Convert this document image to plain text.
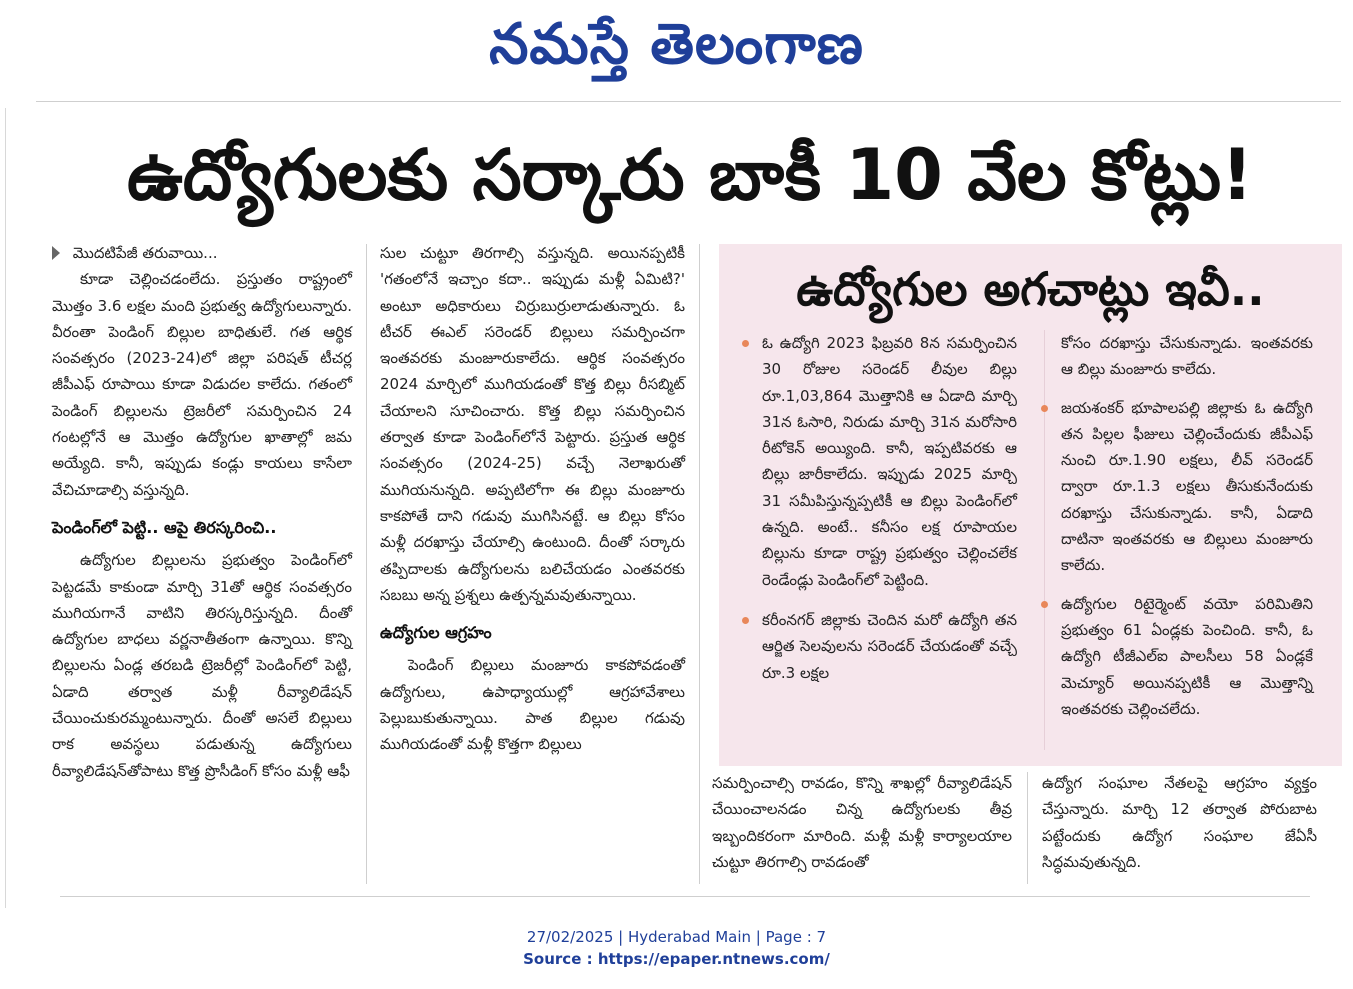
నమస్తే తెలంగాణ
ఉద్యోగులకు సర్కారు బాకీ 10 వేల కోట్లు!
మొదటిపేజీ తరువాయి...

కూడా చెల్లించడంలేదు. ప్రస్తుతం రాష్ట్రంలో మొత్తం 3.6 లక్షల మంది ప్రభుత్వ ఉద్యోగులున్నారు. వీరంతా పెండింగ్ బిల్లుల బాధితులే. గత ఆర్థిక సంవత్సరం (2023-24)లో జిల్లా పరిషత్ టీచర్ల జీపీఎఫ్ రూపాయి కూడా విడుదల కాలేదు. గతంలో పెండింగ్ బిల్లులను ట్రెజరీలో సమర్పించిన 24 గంటల్లోనే ఆ మొత్తం ఉద్యోగుల ఖాతాల్లో జమ అయ్యేది. కానీ, ఇప్పుడు కండ్లు కాయలు కాసేలా వేచిచూడాల్సి వస్తున్నది.

పెండింగ్‌లో పెట్టి.. ఆపై తిరస్కరించి..

ఉద్యోగుల బిల్లులను ప్రభుత్వం పెండింగ్‌లో పెట్టడమే కాకుండా మార్చి 31తో ఆర్థిక సంవత్సరం ముగియగానే వాటిని తిరస్కరిస్తున్నది. దీంతో ఉద్యోగుల బాధలు వర్ణనాతీతంగా ఉన్నాయి. కొన్ని బిల్లులను ఏండ్ల తరబడి ట్రెజరీల్లో పెండింగ్‌లో పెట్టి, ఏడాది తర్వాత మళ్లీ రీవ్యాలిడేషన్ చేయించుకురమ్మంటున్నారు. దీంతో అసలే బిల్లులు రాక అవస్థలు పడుతున్న ఉద్యోగులు రీవ్యాలిడేషన్‌తోపాటు కొత్త ప్రొసీడింగ్ కోసం మళ్లీ ఆఫీ

సుల చుట్టూ తిరగాల్సి వస్తున్నది. అయినప్పటికీ 'గతంలోనే ఇచ్చాం కదా.. ఇప్పుడు మళ్లీ ఏమిటి?' అంటూ అధికారులు చిర్రుబుర్రులాడుతున్నారు. ఓ టీచర్ ఈఎల్ సరెండర్ బిల్లులు సమర్పించగా ఇంతవరకు మంజూరుకాలేదు. ఆర్థిక సంవత్సరం 2024 మార్చిలో ముగియడంతో కొత్త బిల్లు రీసబ్మిట్ చేయాలని సూచించారు. కొత్త బిల్లు సమర్పించిన తర్వాత కూడా పెండింగ్‌లోనే పెట్టారు. ప్రస్తుత ఆర్థిక సంవత్సరం (2024-25) వచ్చే నెలాఖరుతో ముగియనున్నది. అప్పటిలోగా ఈ బిల్లు మంజూరు కాకపోతే దాని గడువు ముగిసినట్టే. ఆ బిల్లు కోసం మళ్లీ దరఖాస్తు చేయాల్సి ఉంటుంది. దీంతో సర్కారు తప్పిదాలకు ఉద్యోగులను బలిచేయడం ఎంతవరకు సబబు అన్న ప్రశ్నలు ఉత్పన్నమవుతున్నాయి.

ఉద్యోగుల ఆగ్రహం

పెండింగ్ బిల్లులు మంజూరు కాకపోవడంతో ఉద్యోగులు, ఉపాధ్యాయుల్లో ఆగ్రహావేశాలు పెల్లుబుకుతున్నాయి. పాత బిల్లుల గడువు ముగియడంతో మళ్లీ కొత్తగా బిల్లులు

ఉద్యోగుల అగచాట్లు ఇవీ..

ఓ ఉద్యోగి 2023 ఫిబ్రవరి 8న సమర్పించిన 30 రోజుల సరెండర్ లీవుల బిల్లు రూ.1,03,864 మొత్తానికి ఆ ఏడాది మార్చి 31న ఓసారి, నిరుడు మార్చి 31న మరోసారి రీటోకెన్ అయ్యింది. కానీ, ఇప్పటివరకు ఆ బిల్లు జారీకాలేదు. ఇప్పుడు 2025 మార్చి 31 సమీపిస్తున్నప్పటికీ ఆ బిల్లు పెండింగ్‌లో ఉన్నది. అంటే.. కనీసం లక్ష రూపాయల బిల్లును కూడా రాష్ట్ర ప్రభుత్వం చెల్లించలేక రెండేండ్లు పెండింగ్‌లో పెట్టింది.

కరీంనగర్ జిల్లాకు చెందిన మరో ఉద్యోగి తన ఆర్జిత సెలవులను సరెండర్ చేయడంతో వచ్చే రూ.3 లక్షల

కోసం దరఖాస్తు చేసుకున్నాడు. ఇంతవరకు ఆ బిల్లు మంజూరు కాలేదు.

జయశంకర్ భూపాలపల్లి జిల్లాకు ఓ ఉద్యోగి తన పిల్లల ఫీజులు చెల్లించేందుకు జీపీఎఫ్ నుంచి రూ.1.90 లక్షలు, లీవ్ సరెండర్ ద్వారా రూ.1.3 లక్షలు తీసుకునేందుకు దరఖాస్తు చేసుకున్నాడు. కానీ, ఏడాది దాటినా ఇంతవరకు ఆ బిల్లులు మంజూరు కాలేదు.

ఉద్యోగుల రిటైర్మెంట్ వయో పరిమితిని ప్రభుత్వం 61 ఏండ్లకు పెంచింది. కానీ, ఓ ఉద్యోగి టీజీఎల్ఐ పాలసీలు 58 ఏండ్లకే మెచ్యూర్ అయినప్పటికీ ఆ మొత్తాన్ని ఇంతవరకు చెల్లించలేదు.

సమర్పించాల్సి రావడం, కొన్ని శాఖల్లో రీవ్యాలిడేషన్ చేయించాలనడం చిన్న ఉద్యోగులకు తీవ్ర ఇబ్బందికరంగా మారింది. మళ్లీ మళ్లీ కార్యాలయాల చుట్టూ తిరగాల్సి రావడంతో

ఉద్యోగ సంఘాల నేతలపై ఆగ్రహం వ్యక్తం చేస్తున్నారు. మార్చి 12 తర్వాత పోరుబాట పట్టేందుకు ఉద్యోగ సంఘాల జేఏసీ సిద్ధమవుతున్నది.

27/02/2025 | Hyderabad Main | Page : 7
Source : https://epaper.ntnews.com/
